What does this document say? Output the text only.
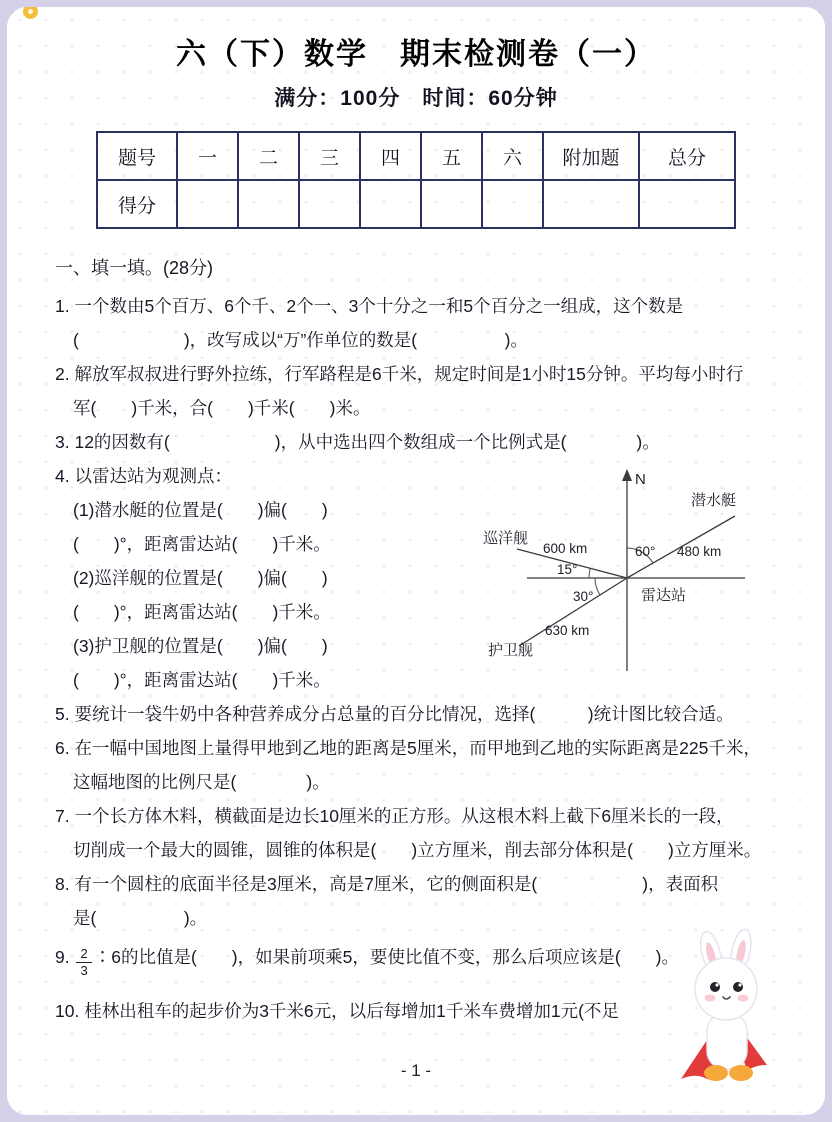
六（下）数学　期末检测卷（一）
满分：100分　时间：60分钟
题号	一	二	三	四	五	六	附加题	总分
得分								
一、填一填。(28分)
1. 一个数由5个百万、6个千、2个一、3个十分之一和5个百分之一组成，这个数是
(　　　　　　)，改写成以“万”作单位的数是(　　　　　)。
2. 解放军叔叔进行野外拉练，行军路程是6千米，规定时间是1小时15分钟。平均每小时行
军(　　)千米，合(　　)千米(　　)米。
3. 12的因数有(　　　　　　)，从中选出四个数组成一个比例式是(　　　　)。
4. 以雷达站为观测点：
(1)潜水艇的位置是(　　)偏(　　)
(　　)°，距离雷达站(　　)千米。
(2)巡洋舰的位置是(　　)偏(　　)
(　　)°，距离雷达站(　　)千米。
(3)护卫舰的位置是(　　)偏(　　)
(　　)°，距离雷达站(　　)千米。
N
潜水艇
巡洋舰
护卫舰
雷达站
480 km
600 km
630 km
60°
15°
30°
5. 要统计一袋牛奶中各种营养成分占总量的百分比情况，选择(　　　)统计图比较合适。
6. 在一幅中国地图上量得甲地到乙地的距离是5厘米，而甲地到乙地的实际距离是225千米，
这幅地图的比例尺是(　　　　)。
7. 一个长方体木料，横截面是边长10厘米的正方形。从这根木料上截下6厘米长的一段，
切削成一个最大的圆锥，圆锥的体积是(　　)立方厘米，削去部分体积是(　　)立方厘米。
8. 有一个圆柱的底面半径是3厘米，高是7厘米，它的侧面积是(　　　　　　)，表面积
是(　　　　　)。
9. $\frac{2}{3}$ ∶6的比值是(　　)，如果前项乘5，要使比值不变，那么后项应该是(　　)。
10. 桂林出租车的起步价为3千米6元，以后每增加1千米车费增加1元(不足
- 1 -
